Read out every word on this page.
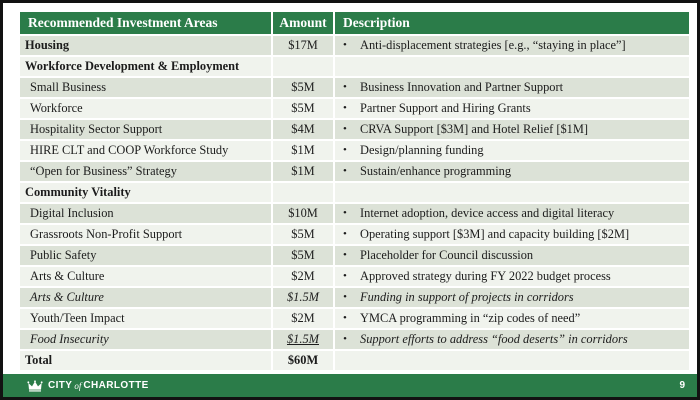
Recommended Investment Areas	Amount	Description
Housing	$17M	• Anti-displacement strategies [e.g., “staying in place”]
Workforce Development & Employment		
Small Business	$5M	• Business Innovation and Partner Support
Workforce	$5M	• Partner Support and Hiring Grants
Hospitality Sector Support	$4M	• CRVA Support [$3M] and Hotel Relief [$1M]
HIRE CLT and COOP Workforce Study	$1M	• Design/planning funding
“Open for Business” Strategy	$1M	• Sustain/enhance programming
Community Vitality		
Digital Inclusion	$10M	• Internet adoption, device access and digital literacy
Grassroots Non-Profit Support	$5M	• Operating support [$3M] and capacity building [$2M]
Public Safety	$5M	• Placeholder for Council discussion
Arts & Culture	$2M	• Approved strategy during FY 2022 budget process
Arts & Culture	$1.5M	• Funding in support of projects in corridors
Youth/Teen Impact	$2M	• YMCA programming in “zip codes of need”
Food Insecurity	$1.5M	• Support efforts to address “food deserts” in corridors
Total	$60M	
CITY of CHARLOTTE	9
